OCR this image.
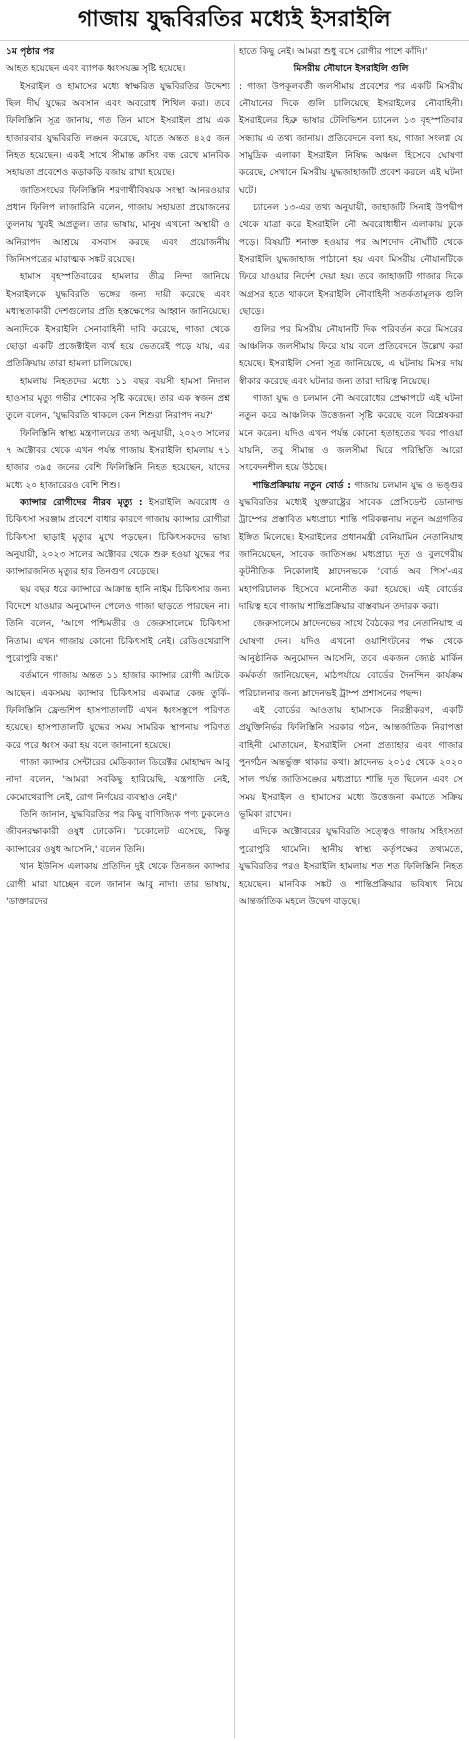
গাজায় যুদ্ধবিরতির মধ্যেই ইসরাইলি

১ম পৃষ্ঠার পর

আহত হয়েছেন এবং ব্যাপক ধ্বংসযজ্ঞ সৃষ্টি হয়েছে।

ইসরাইল ও হামাসের মধ্যে স্বাক্ষরিত যুদ্ধবিরতির উদ্দেশ্য ছিল দীর্ঘ যুদ্ধের অবসান এবং অবরোধ শিথিল করা। তবে ফিলিস্তিনি সূত্র জানায়, গত তিন মাসে ইসরাইল প্রায় এক হাজারবার যুদ্ধবিরতি লঙ্ঘন করেছে, যাতে অন্তত ৪২৫ জন নিহত হয়েছেন। একই সাথে সীমান্ত ক্রসিং বন্ধ রেখে মানবিক সহায়তা প্রবেশেও কড়াকড়ি বজায় রাখা হয়েছে।

জাতিসংঘের ফিলিস্তিনি শরণার্থীবিষয়ক সংস্থা আনরওয়ার প্রধান ফিলিপ লাজারিনি বলেন, গাজায় সহায়তা প্রয়োজনের তুলনায় খুবই অপ্রতুল। তার ভাষায়, মানুষ এখনো অস্থায়ী ও অনিরাপদ আশ্রয়ে বসবাস করছে এবং প্রয়োজনীয় জিনিসপত্রের মারাত্মক সঙ্কট রয়েছে।

হামাস বৃহস্পতিবারের হামলার তীব্র নিন্দা জানিয়ে ইসরাইলকে যুদ্ধবিরতি ভঙ্গের জন্য দায়ী করেছে এবং মধ্যস্থতাকারী দেশগুলোর প্রতি হস্তক্ষেপের আহ্বান জানিয়েছে। অন্যদিকে ইসরাইলি সেনাবাহিনী দাবি করেছে, গাজা থেকে ছোড়া একটি প্রজেক্টাইল ব্যর্থ হয়ে ভেতরেই পড়ে যায়, এর প্রতিক্রিয়ায় তারা হামলা চালিয়েছে।

হামলায় নিহতদের মধ্যে ১১ বছর বয়সী হামসা নিদাল হাওসার মৃত্যু গভীর শোকের সৃষ্টি করেছে। তার এক স্বজন প্রশ্ন তুলে বলেন, 'যুদ্ধবিরতি থাকলে কেন শিশুরা নিরাপদ নয়?'

ফিলিস্তিনি স্বাস্থ্য মন্ত্রণালয়ের তথ্য অনুযায়ী, ২০২৩ সালের ৭ অক্টোবর থেকে এখন পর্যন্ত গাজায় ইসরাইলি হামলায় ৭১ হাজার ৩৯৫ জনের বেশি ফিলিস্তিনি নিহত হয়েছেন, যাদের মধ্যে ২০ হাজারেরও বেশি শিশু।

ক্যান্সার রোগীদের নীরব মৃত্যু : ইসরাইলি অবরোধ ও চিকিৎসা সরঞ্জাম প্রবেশে বাধার কারণে গাজায় ক্যান্সার রোগীরা চিকিৎসা ছাড়াই মৃত্যুর মুখে পড়ছেন। চিকিৎসকদের ভাষ্য অনুযায়ী, ২০২৩ সালের অক্টোবর থেকে শুরু হওয়া যুদ্ধের পর ক্যান্সারজনিত মৃত্যুর হার তিনগুণ বেড়েছে।

ছয় বছর ধরে ক্যান্সারে আক্রান্ত হানি নাইম চিকিৎসার জন্য বিদেশে যাওয়ার অনুমোদন পেলেও গাজা ছাড়তে পারছেন না। তিনি বলেন, 'আগে পশ্চিমতীর ও জেরুসালেমে চিকিৎসা নিতাম। এখন গাজায় কোনো চিকিৎসাই নেই। রেডিওথেরাপি পুরোপুরি বন্ধ।'

বর্তমানে গাজায় অন্তত ১১ হাজার ক্যান্সার রোগী আটকে আছেন। একসময় ক্যান্সার চিকিৎসার একমাত্র কেন্দ্র তুর্কি-ফিলিস্তিনি ফ্রেন্ডশিপ হাসপাতালটি এখন ধ্বংসস্তূপে পরিণত হয়েছে। হাসপাতালটি যুদ্ধের সময় সামরিক স্থাপনায় পরিণত করে পরে ধ্বংস করা হয় বলে জানানো হয়েছে।

গাজা ক্যান্সার সেন্টারের মেডিক্যাল ডিরেক্টর মোহাম্মদ আবু নাদা বলেন, 'আমরা সবকিছু হারিয়েছি, যন্ত্রপাতি নেই, কেমোথেরাপি নেই, রোগ নির্ণয়ের ব্যবস্থাও নেই।'

তিনি জানান, যুদ্ধবিরতির পর কিছু বাণিজ্যিক পণ্য ঢুকলেও জীবনরক্ষাকারী ওষুধ ঢোকেনি। 'চকোলেট এসেছে, কিন্তু ক্যান্সারের ওষুধ আসেনি,' বলেন তিনি।

খান ইউনিস এলাকায় প্রতিদিন দুই থেকে তিনজন ক্যান্সার রোগী মারা যাচ্ছেন বলে জানান আবু নাদা। তার ভাষায়, 'ডাক্তারদের

হাতে কিছু নেই। আমরা শুধু বসে রোগীর পাশে কাঁদি।'

মিসরীয় নৌযানে ইসরাইলি গুলি

: গাজা উপকূলবর্তী জলসীমায় প্রবেশের পর একটি মিসরীয় নৌযানের দিকে গুলি চালিয়েছে ইসরাইলের নৌবাহিনী। ইসরাইলের হিব্রু ভাষার টেলিভিশন চ্যানেল ১৩ বৃহস্পতিবার সন্ধ্যায় এ তথ্য জানায়। প্রতিবেদনে বলা হয়, গাজা সংলগ্ন যে সামুদ্রিক এলাকা ইসরাইল নিষিদ্ধ অঞ্চল হিসেবে ঘোষণা করেছে, সেখানে মিসরীয় যুদ্ধজাহাজটি প্রবেশ করলে এই ঘটনা ঘটে।

চ্যানেল ১৩-এর তথ্য অনুযায়ী, জাহাজটি সিনাই উপদ্বীপ থেকে যাত্রা করে ইসরাইলি নৌ অবরোধাধীন এলাকায় ঢুকে পড়ে। বিষয়টি শনাক্ত হওয়ার পর আশদোদ নৌঘাঁটি থেকে ইসরাইলি যুদ্ধজাহাজ পাঠানো হয় এবং মিসরীয় নৌযানটিকে ফিরে যাওয়ার নির্দেশ দেয়া হয়। তবে জাহাজটি গাজার দিকে অগ্রসর হতে থাকলে ইসরাইলি নৌবাহিনী সতর্কতামূলক গুলি ছোড়ে।

গুলির পর মিসরীয় নৌযানটি দিক পরিবর্তন করে মিসরের আঞ্চলিক জলসীমায় ফিরে যায় বলে প্রতিবেদনে উল্লেখ করা হয়েছে। ইসরাইলি সেনা সূত্র জানিয়েছে, এ ঘটনায় মিসর দায় স্বীকার করেছে এবং ঘটনার জন্য তারা দায়িত্ব নিয়েছে।

গাজা যুদ্ধ ও চলমান নৌ অবরোধের প্রেক্ষাপটে এই ঘটনা নতুন করে আঞ্চলিক উত্তেজনা সৃষ্টি করেছে বলে বিশ্লেষকরা মনে করেন। যদিও এখন পর্যন্ত কোনো হতাহতের খবর পাওয়া যায়নি, তবু সীমান্ত ও জলসীমা ঘিরে পরিস্থিতি আরো সংবেদনশীল হয়ে উঠছে।

শান্তিপ্রক্রিয়ায় নতুন বোর্ড : গাজায় চলমান যুদ্ধ ও ভঙ্গুর যুদ্ধবিরতির মধ্যেই যুক্তরাষ্ট্রের সাবেক প্রেসিডেন্ট ডোনাল্ড ট্রাম্পের প্রস্তাবিত মধ্যপ্রাচ্য শান্তি পরিকল্পনায় নতুন অগ্রগতির ইঙ্গিত মিলেছে। ইসরাইলের প্রধানমন্ত্রী বেনিয়ামিন নেতানিয়াহু জানিয়েছেন, সাবেক জাতিসঙ্ঘ মধ্যপ্রাচ্য দূত ও বুলগেরীয় কূটনীতিক নিকোলাই ম্লাদেনভকে 'বোর্ড অব পিস'-এর মহাপরিচালক হিসেবে মনোনীত করা হয়েছে। এই বোর্ডের দায়িত্ব হবে গাজায় শান্তিপ্রক্রিয়ার বাস্তবায়ন তদারক করা।

জেরুসালেমে ম্লাদেনভের সাথে বৈঠকের পর নেতানিয়াহু এ ঘোষণা দেন। যদিও এখনো ওয়াশিংটনের পক্ষ থেকে আনুষ্ঠানিক অনুমোদন আসেনি, তবে একজন জ্যেষ্ঠ মার্কিন কর্মকর্তা জানিয়েছেন, মাঠপর্যায়ে বোর্ডের দৈনন্দিন কার্যক্রম পরিচালনার জন্য ম্লাদেনভই ট্রাম্প প্রশাসনের পছন্দ।

এই বোর্ডের আওতায় হামাসকে নিরস্ত্রীকরণ, একটি প্রযুক্তিনির্ভর ফিলিস্তিনি সরকার গঠন, আন্তর্জাতিক নিরাপত্তা বাহিনী মোতায়েন, ইসরাইলি সেনা প্রত্যাহার এবং গাজার পুনর্গঠন অন্তর্ভুক্ত থাকার কথা। ম্লাদেনভ ২০১৫ থেকে ২০২০ সাল পর্যন্ত জাতিসঙ্ঘের মধ্যপ্রাচ্য শান্তি দূত ছিলেন এবং সে সময় ইসরাইল ও হামাসের মধ্যে উত্তেজনা কমাতে সক্রিয় ভূমিকা রাখেন।

এদিকে অক্টোবরের যুদ্ধবিরতি সত্ত্বেও গাজায় সহিংসতা পুরোপুরি থামেনি। স্থানীয় স্বাস্থ্য কর্তৃপক্ষের তথ্যমতে, যুদ্ধবিরতির পরও ইসরাইলি হামলায় শত শত ফিলিস্তিনি নিহত হয়েছেন। মানবিক সঙ্কট ও শান্তিপ্রক্রিয়ার ভবিষ্যৎ নিয়ে আন্তর্জাতিক মহলে উদ্বেগ বাড়ছে।
